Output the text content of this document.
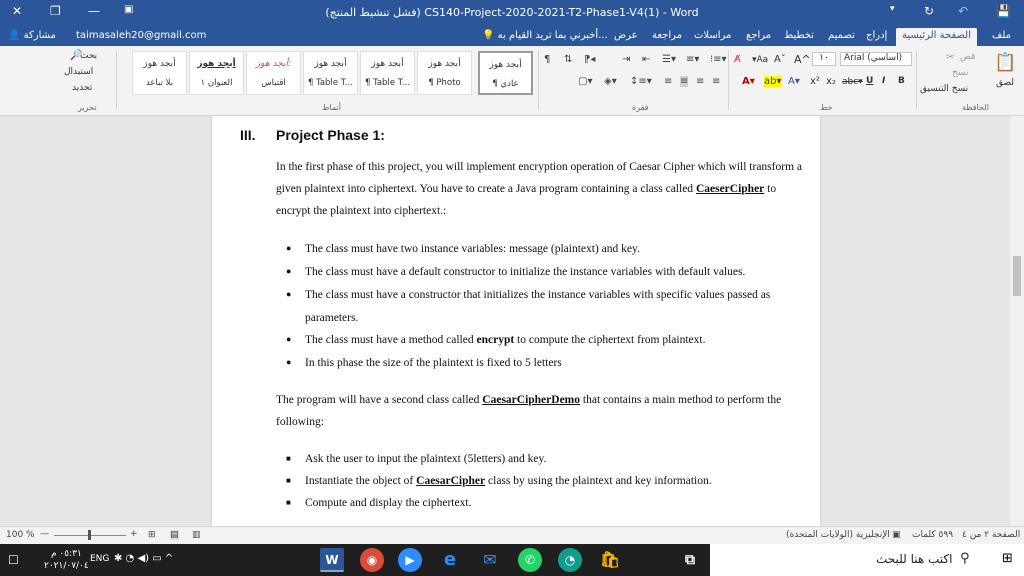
✕ ❐ — ▣	(فشل تنشيط المنتج) CS140-Project-2020-2021-T2-Phase1-V4(1) - Word	▾ ↻ ↶ 💾
👤 مشاركة taimasaleh20@gmail.com	💡 أخبرني بما تريد القيام به... عرض مراجعة مراسلات مراجع تخطيط تصميم إدراج	الصفحة الرئيسية	ملف
🔎
بحث
استبدال
تحديد
تحرير
أبجد هوز
بلا تباعد
أبجد هوز
العنوان ١
أبجد هوز:
اقتباس
أبجد هوز
¶ Table T...
أبجد هوز
¶ Table T...
أبجد هوز
¶ Photo
أبجد هوز
¶ عادي
أنماط
¶ ⇅ ⁋◂	⇥ ⇤ ☰▾ ≡▾ ⁝≡▾
▢▾ ◈▾ ↕≡▾ ≡ ≡ ≡ ≡
فقرة
A̸ ▾Aa Aˇ A^ ١٠	Arial (أساسي)
A▾ ab▾ A▾ x² x₂ abc▾ U I B
خط
✂ قص
نسخ
نسخ التنسيق
📋
لصق
الحافظة
III. Project Phase 1:
In the first phase of this project, you will implement encryption operation of Caesar Cipher which will transform a given plaintext into ciphertext. You have to create a Java program containing a class called CaeserCipher to encrypt the plaintext into ciphertext.:
● The class must have two instance variables: message (plaintext) and key.
● The class must have a default constructor to initialize the instance variables with default values.
● The class must have a constructor that initializes the instance variables with specific values passed as parameters.
● The class must have a method called encrypt to compute the ciphertext from plaintext.
● In this phase the size of the plaintext is fixed to 5 letters
The program will have a second class called CaesarCipherDemo that contains a main method to perform the following:
■ Ask the user to input the plaintext (5letters) and key.
■ Instantiate the object of CaesarCipher class by using the plaintext and key information.
■ Compute and display the ciphertext.
100 % —	+ ⊞ ▤ ▥	الإنجليزية (الولايات المتحدة) ▣ ٥٩٩ كلمات الصفحة ٢ من ٤
☐	٠٥:٣١ م
٢٠٢١/٠٧/٠٤
ENG ✱ ◔ ◀) ▭ ^	W	◉	▶	e	✉	✆	◔	🛍	⧉	اكتب هنا للبحث ⚲ ⊞
